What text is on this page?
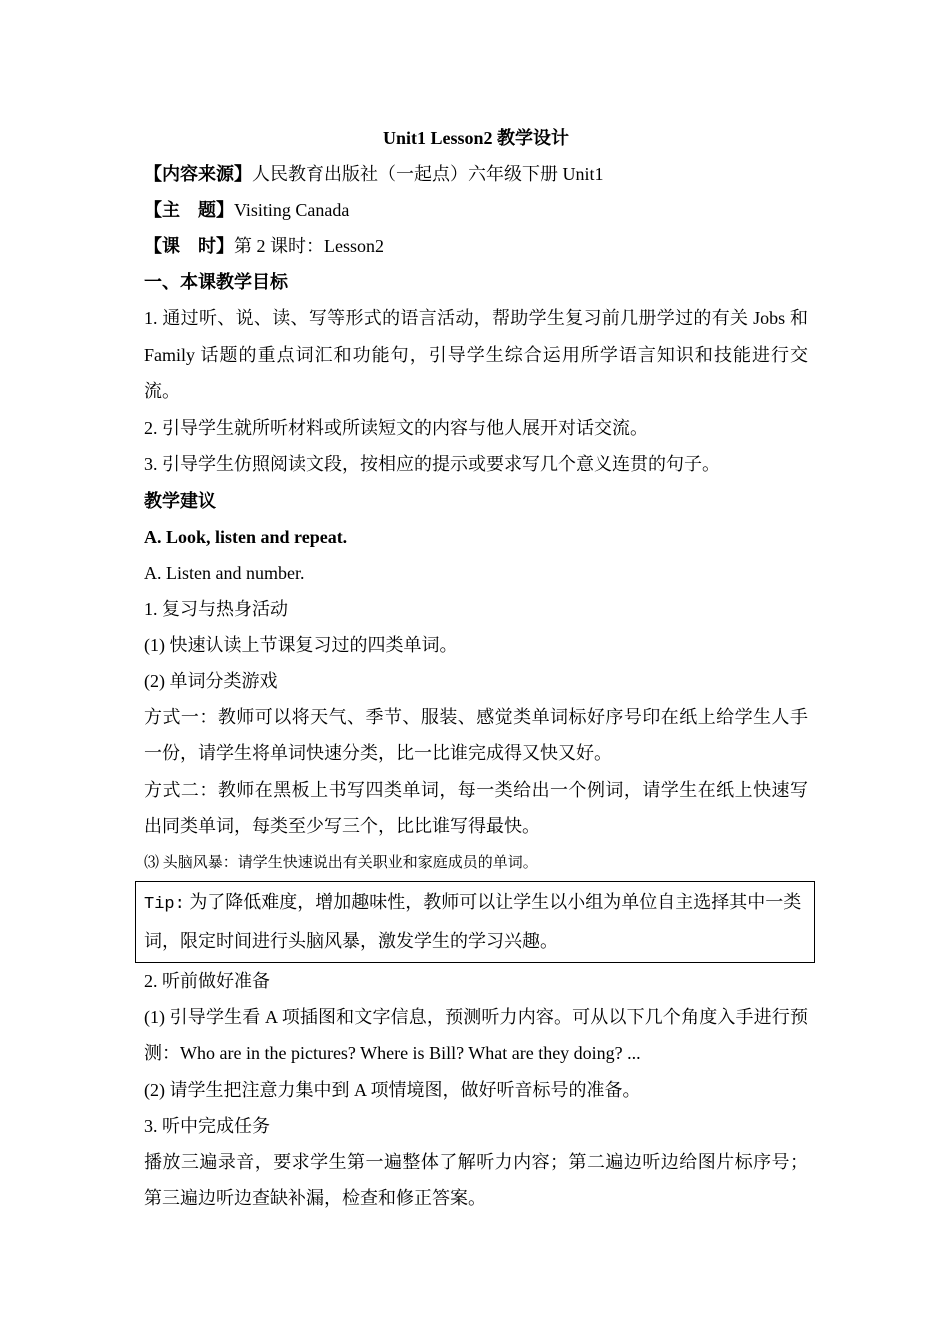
Unit1 Lesson2 教学设计
【内容来源】人民教育出版社（一起点）六年级下册 Unit1
【主　题】Visiting Canada
【课　时】第 2 课时：Lesson2
一、本课教学目标
1. 通过听、说、读、写等形式的语言活动，帮助学生复习前几册学过的有关 Jobs 和 Family 话题的重点词汇和功能句，引导学生综合运用所学语言知识和技能进行交流。
2. 引导学生就所听材料或所读短文的内容与他人展开对话交流。
3. 引导学生仿照阅读文段，按相应的提示或要求写几个意义连贯的句子。
教学建议
A. Look, listen and repeat.
A. Listen and number.
1. 复习与热身活动
(1) 快速认读上节课复习过的四类单词。
(2) 单词分类游戏
方式一：教师可以将天气、季节、服装、感觉类单词标好序号印在纸上给学生人手一份，请学生将单词快速分类，比一比谁完成得又快又好。
方式二：教师在黑板上书写四类单词，每一类给出一个例词，请学生在纸上快速写出同类单词，每类至少写三个，比比谁写得最快。
⑶ 头脑风暴：请学生快速说出有关职业和家庭成员的单词。
Tip: 为了降低难度，增加趣味性，教师可以让学生以小组为单位自主选择其中一类词，限定时间进行头脑风暴，激发学生的学习兴趣。
2. 听前做好准备
(1) 引导学生看 A 项插图和文字信息，预测听力内容。可从以下几个角度入手进行预测：Who are in the pictures? Where is Bill? What are they doing? ...
(2) 请学生把注意力集中到 A 项情境图，做好听音标号的准备。
3. 听中完成任务
播放三遍录音，要求学生第一遍整体了解听力内容；第二遍边听边给图片标序号；第三遍边听边查缺补漏，检查和修正答案。
